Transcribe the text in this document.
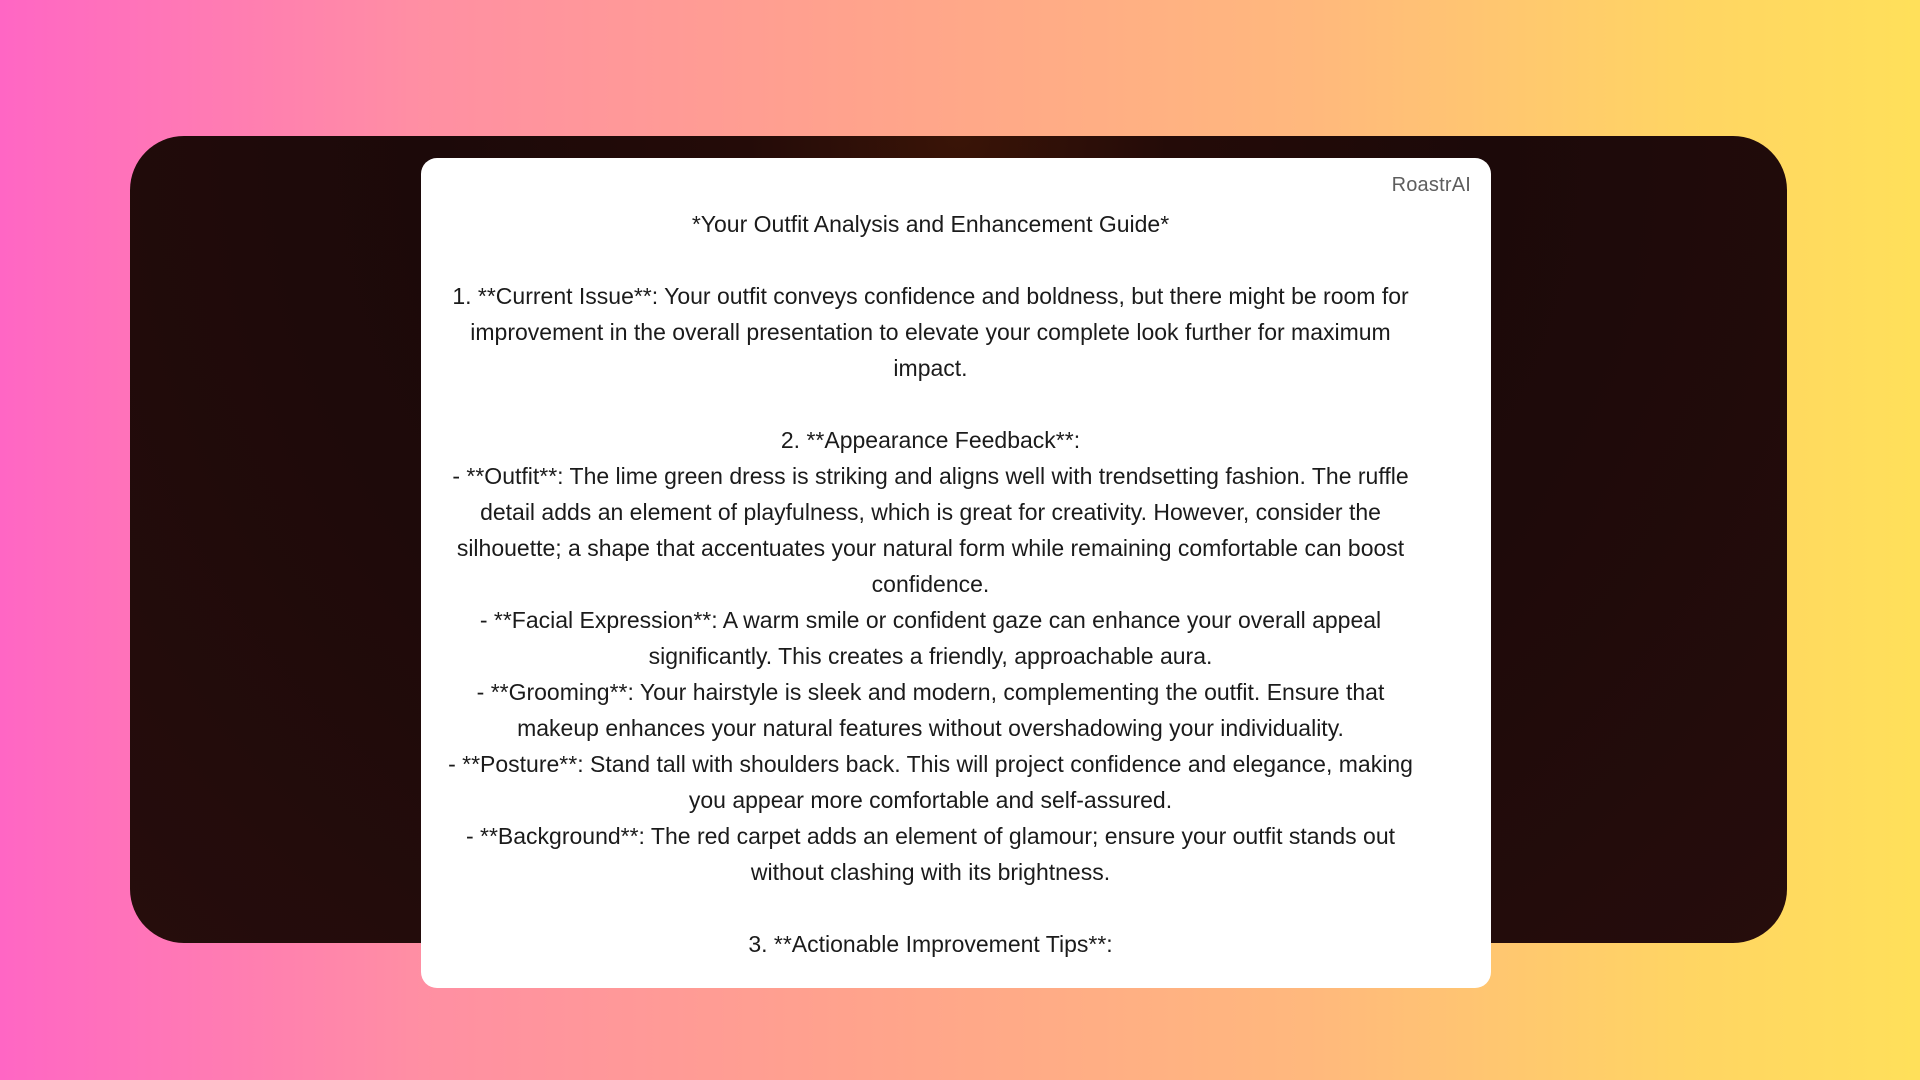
RoastrAI

*Your Outfit Analysis and Enhancement Guide*

1. **Current Issue**: Your outfit conveys confidence and boldness, but there might be room for improvement in the overall presentation to elevate your complete look further for maximum impact.

2. **Appearance Feedback**:

- **Outfit**: The lime green dress is striking and aligns well with trendsetting fashion. The ruffle detail adds an element of playfulness, which is great for creativity. However, consider the silhouette; a shape that accentuates your natural form while remaining comfortable can boost confidence.

- **Facial Expression**: A warm smile or confident gaze can enhance your overall appeal significantly. This creates a friendly, approachable aura.

- **Grooming**: Your hairstyle is sleek and modern, complementing the outfit. Ensure that makeup enhances your natural features without overshadowing your individuality.

- **Posture**: Stand tall with shoulders back. This will project confidence and elegance, making you appear more comfortable and self-assured.

- **Background**: The red carpet adds an element of glamour; ensure your outfit stands out without clashing with its brightness.

3. **Actionable Improvement Tips**:
